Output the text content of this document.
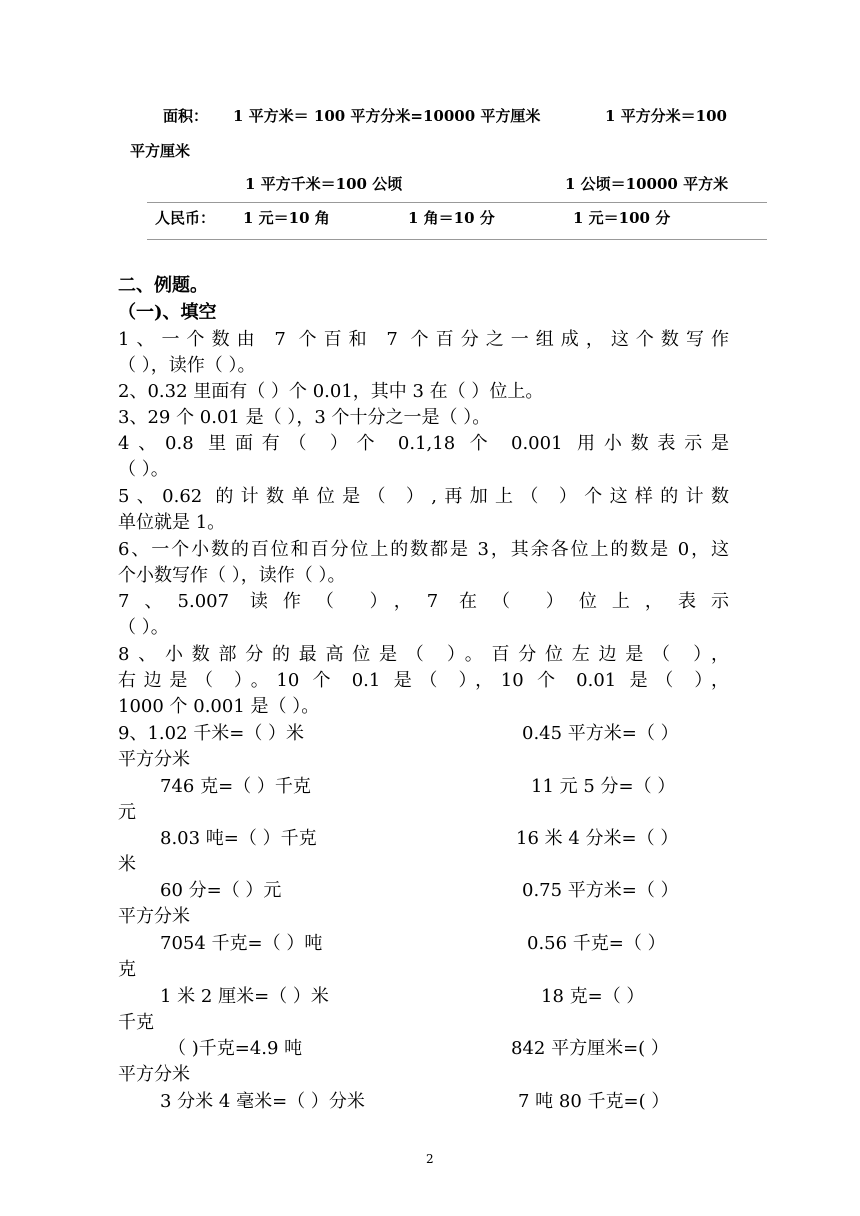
面积： 1 平方米＝ 100 平方分米=10000 平方厘米	1 平方分米＝100
平方厘米
1 平方千米＝100 公顷	1 公顷＝10000 平方米
人民币： 1 元＝10 角	1 角＝10 分	1 元＝100 分
二、例题。
（一)、填空
1、一个数由 7 个百和 7 个百分之一组成，这个数写作
（ ），读作（ ）。
2、0.32 里面有（ ）个 0.01，其中 3 在（ ）位上。
3、29 个 0.01 是（ ），3 个十分之一是（ ）。
4、0.8 里面有（ ）个 0.1,18 个 0.001 用小数表示是
（ ）。
5、0.62 的计数单位是（ ）,再加上（ ）个这样的计数
单位就是 1。
6、一个小数的百位和百分位上的数都是 3，其余各位上的数是 0，这
个小数写作（ ），读作（ ）。
7、5.007 读作（ ），7 在（ ）位上，表示
（ ）。
8、小数部分的最高位是（ ）。百分位左边是（ ），
右边是（ ）。10 个 0.1 是（ ），10 个 0.01 是（ ），
1000 个 0.001 是（ ）。
9、1.02 千米=（ ）米	0.45 平方米=（ ）
平方分米
746 克=（ ）千克	11 元 5 分=（ ）
元
8.03 吨=（ ）千克	16 米 4 分米=（ ）
米
60 分=（ ）元	0.75 平方米=（ ）
平方分米
7054 千克=（ ）吨	0.56 千克=（ ）
克
1 米 2 厘米=（ ）米	18 克=（ ）
千克
（ )千克=4.9 吨	842 平方厘米=( ）
平方分米
3 分米 4 毫米=（ ）分米	7 吨 80 千克=( ）
2
